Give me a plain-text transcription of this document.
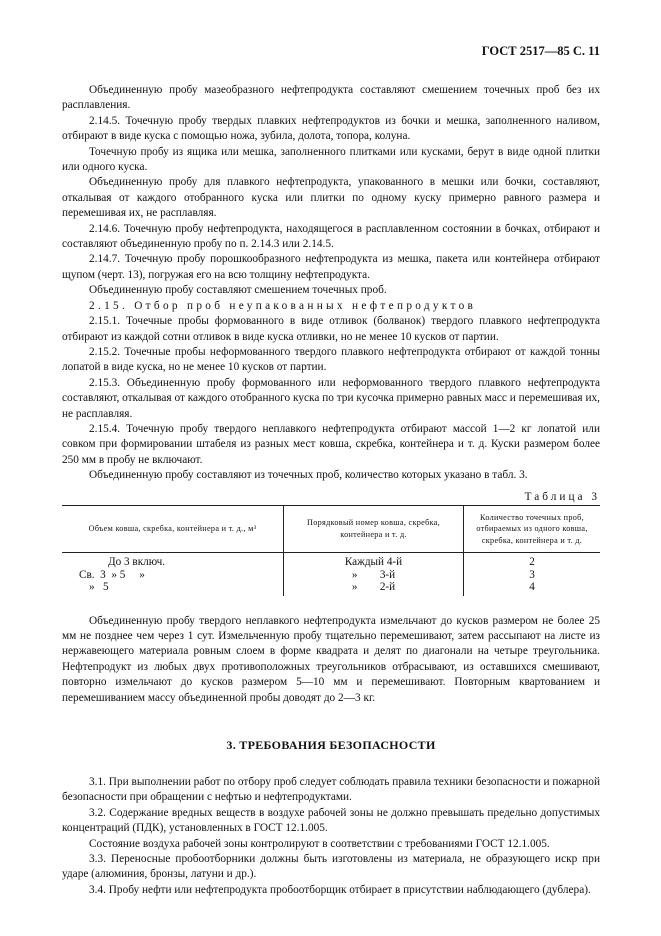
ГОСТ 2517—85 С. 11

Объединенную пробу мазеобразного нефтепродукта составляют смешением точечных проб без их расплавления.

2.14.5. Точечную пробу твердых плавких нефтепродуктов из бочки и мешка, заполненного наливом, отбирают в виде куска с помощью ножа, зубила, долота, топора, колуна.

Точечную пробу из ящика или мешка, заполненного плитками или кусками, берут в виде одной плитки или одного куска.

Объединенную пробу для плавкого нефтепродукта, упакованного в мешки или бочки, составляют, откалывая от каждого отобранного куска или плитки по одному куску примерно равного размера и перемешивая их, не расплавляя.

2.14.6. Точечную пробу нефтепродукта, находящегося в расплавленном состоянии в бочках, отбирают и составляют объединенную пробу по п. 2.14.3 или 2.14.5.

2.14.7. Точечную пробу порошкообразного нефтепродукта из мешка, пакета или контейнера отбирают щупом (черт. 13), погружая его на всю толщину нефтепродукта.

Объединенную пробу составляют смешением точечных проб.

2.15. Отбор проб неупакованных нефтепродуктов

2.15.1. Точечные пробы формованного в виде отливок (болванок) твердого плавкого нефтепродукта отбирают из каждой сотни отливок в виде куска отливки, но не менее 10 кусков от партии.

2.15.2. Точечные пробы неформованного твердого плавкого нефтепродукта отбирают от каждой тонны лопатой в виде куска, но не менее 10 кусков от партии.

2.15.3. Объединенную пробу формованного или неформованного твердого плавкого нефтепродукта составляют, откалывая от каждого отобранного куска по три кусочка примерно равных масс и перемешивая их, не расплавляя.

2.15.4. Точечную пробу твердого неплавкого нефтепродукта отбирают массой 1—2 кг лопатой или совком при формировании штабеля из разных мест ковша, скребка, контейнера и т. д. Куски размером более 250 мм в пробу не включают.

Объединенную пробу составляют из точечных проб, количество которых указано в табл. 3.

Таблица 3
Объем ковша, скребка, контейнера и т. д., м³	Порядковый номер ковша, скребка, контейнера и т. д.	Количество точечных проб, отбираемых из одного ковша, скребка, контейнера и т. д.
До 3 включ.	Каждый 4-й	2
Св.  3  » 5     »	»        3-й	3
»   5	»        2-й	4

Объединенную пробу твердого неплавкого нефтепродукта измельчают до кусков размером не более 25 мм не позднее чем через 1 сут. Измельченную пробу тщательно перемешивают, затем рассыпают на листе из нержавеющего материала ровным слоем в форме квадрата и делят по диагонали на четыре треугольника. Нефтепродукт из любых двух противоположных треугольников отбрасывают, из оставшихся смешивают, повторно измельчают до кусков размером 5—10 мм и перемешивают. Повторным квартованием и перемешиванием массу объединенной пробы доводят до 2—3 кг.

3. ТРЕБОВАНИЯ БЕЗОПАСНОСТИ

3.1. При выполнении работ по отбору проб следует соблюдать правила техники безопасности и пожарной безопасности при обращении с нефтью и нефтепродуктами.

3.2. Содержание вредных веществ в воздухе рабочей зоны не должно превышать предельно допустимых концентраций (ПДК), установленных в ГОСТ 12.1.005.

Состояние воздуха рабочей зоны контролируют в соответствии с требованиями ГОСТ 12.1.005.

3.3. Переносные пробоотборники должны быть изготовлены из материала, не образующего искр при ударе (алюминия, бронзы, латуни и др.).

3.4. Пробу нефти или нефтепродукта пробоотборщик отбирает в присутствии наблюдающего (дублера).
